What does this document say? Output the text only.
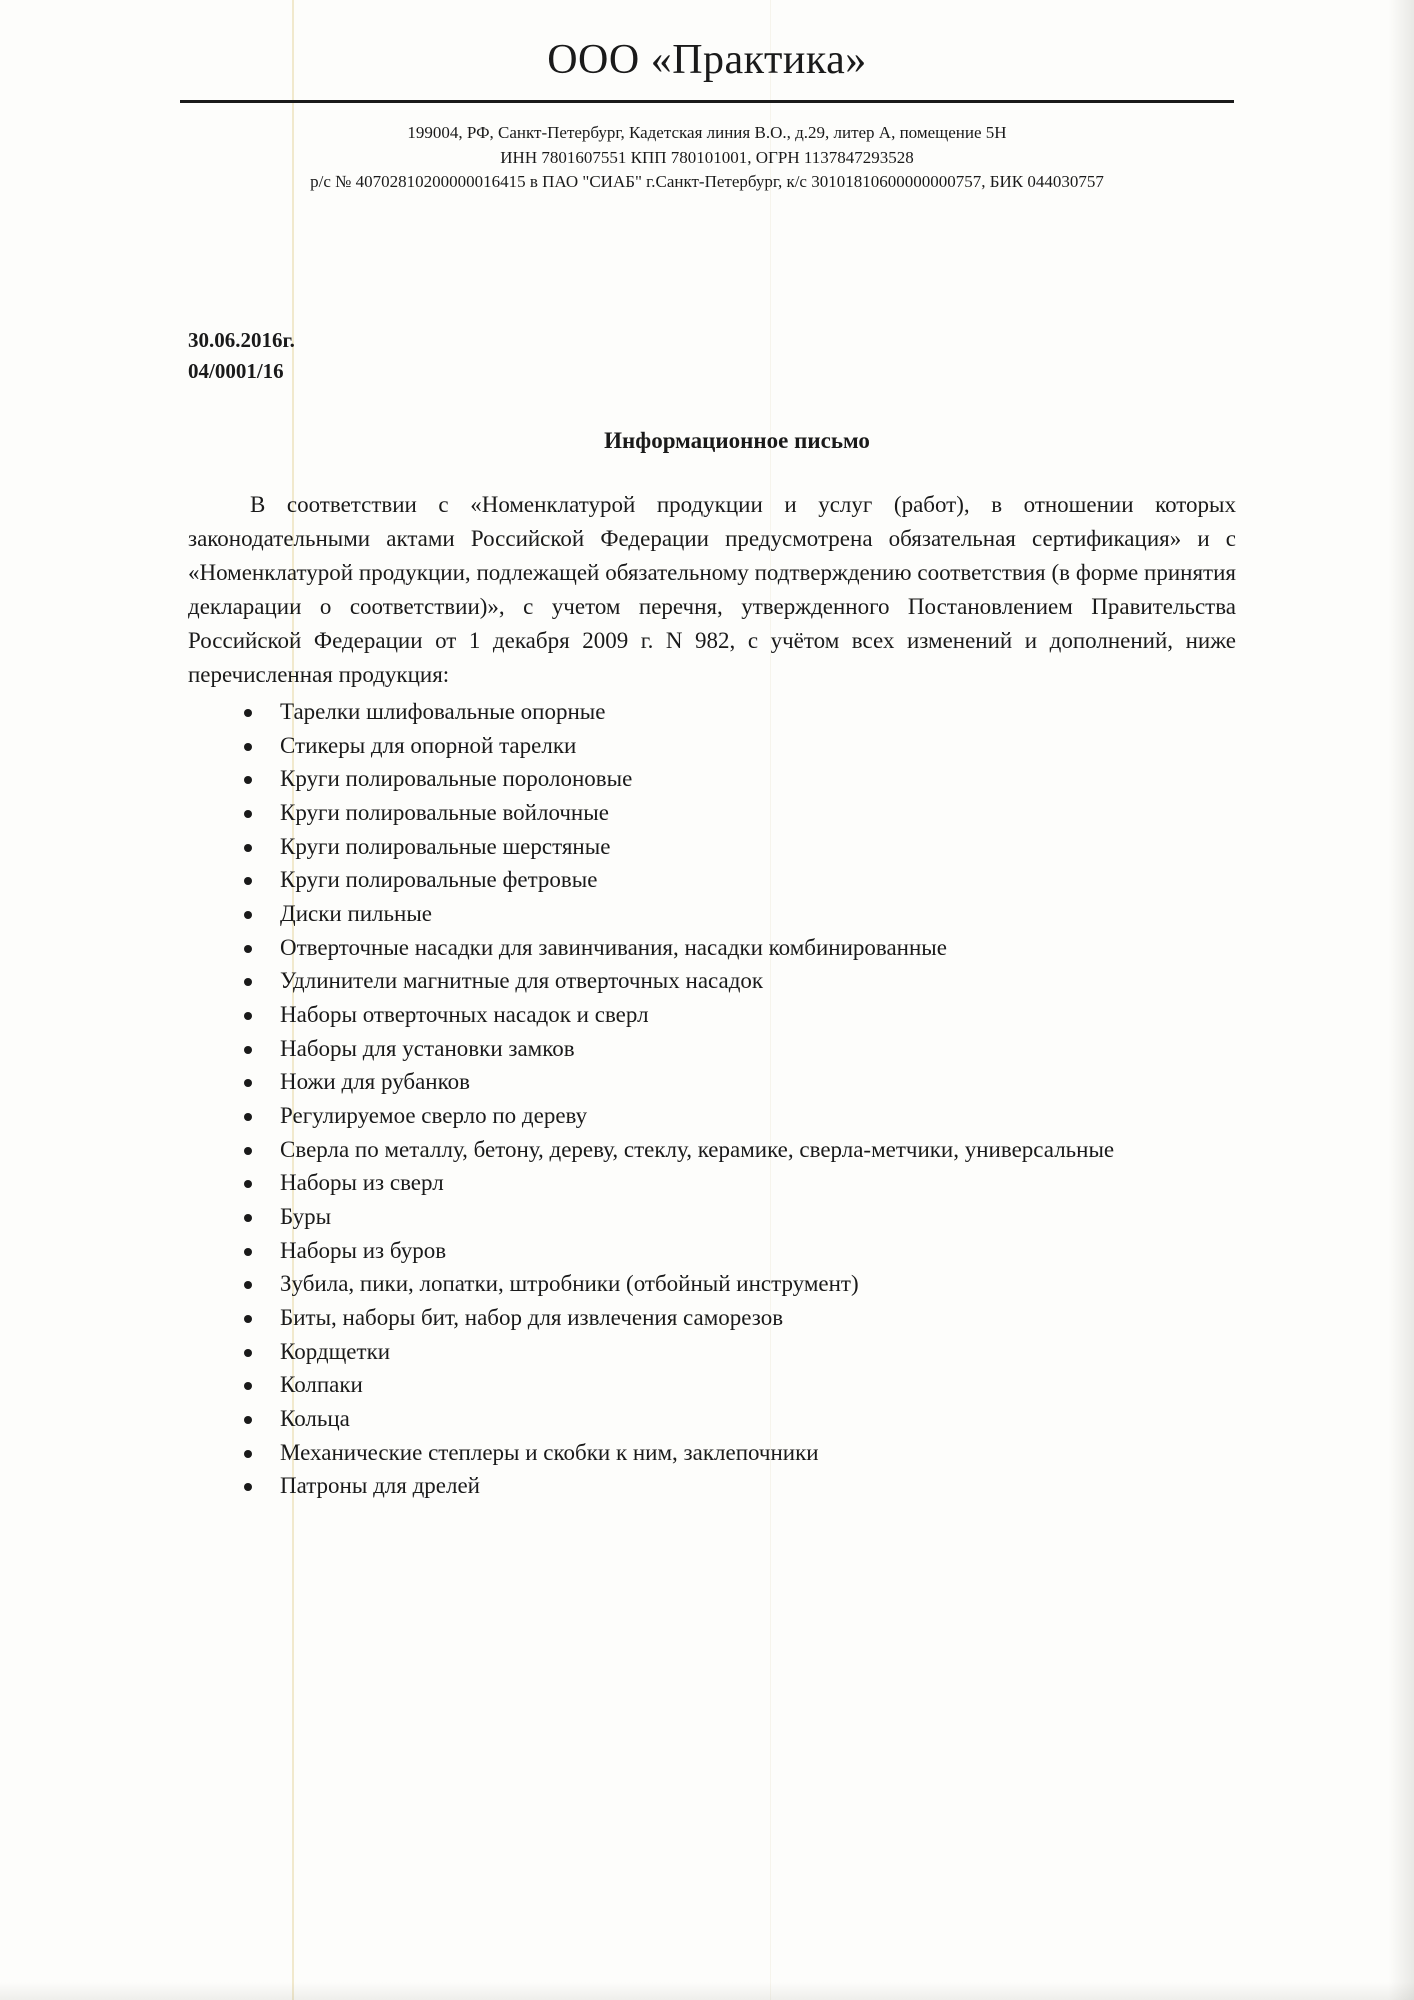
ООО «Практика»
199004, РФ, Санкт-Петербург, Кадетская линия В.О., д.29, литер А, помещение 5Н
ИНН 7801607551 КПП 780101001, ОГРН 1137847293528
р/с № 40702810200000016415 в ПАО "СИАБ" г.Санкт-Петербург, к/с 30101810600000000757, БИК 044030757
30.06.2016г.
04/0001/16
Информационное письмо
В соответствии с «Номенклатурой продукции и услуг (работ), в отношении которых законодательными актами Российской Федерации предусмотрена обязательная сертификация» и с «Номенклатурой продукции, подлежащей обязательному подтверждению соответствия (в форме принятия декларации о соответствии)», с учетом перечня, утвержденного Постановлением Правительства Российской Федерации от 1 декабря 2009 г. N 982, с учётом всех изменений и дополнений, ниже перечисленная продукция:
Тарелки шлифовальные опорные
Стикеры для опорной тарелки
Круги полировальные поролоновые
Круги полировальные войлочные
Круги полировальные шерстяные
Круги полировальные фетровые
Диски пильные
Отверточные насадки для завинчивания, насадки комбинированные
Удлинители магнитные для отверточных насадок
Наборы отверточных насадок и сверл
Наборы для установки замков
Ножи для рубанков
Регулируемое сверло по дереву
Сверла по металлу, бетону, дереву, стеклу, керамике, сверла-метчики, универсальные
Наборы из сверл
Буры
Наборы из буров
Зубила, пики, лопатки, штробники (отбойный инструмент)
Биты, наборы бит, набор для извлечения саморезов
Кордщетки
Колпаки
Кольца
Механические степлеры и скобки к ним, заклепочники
Патроны для дрелей
